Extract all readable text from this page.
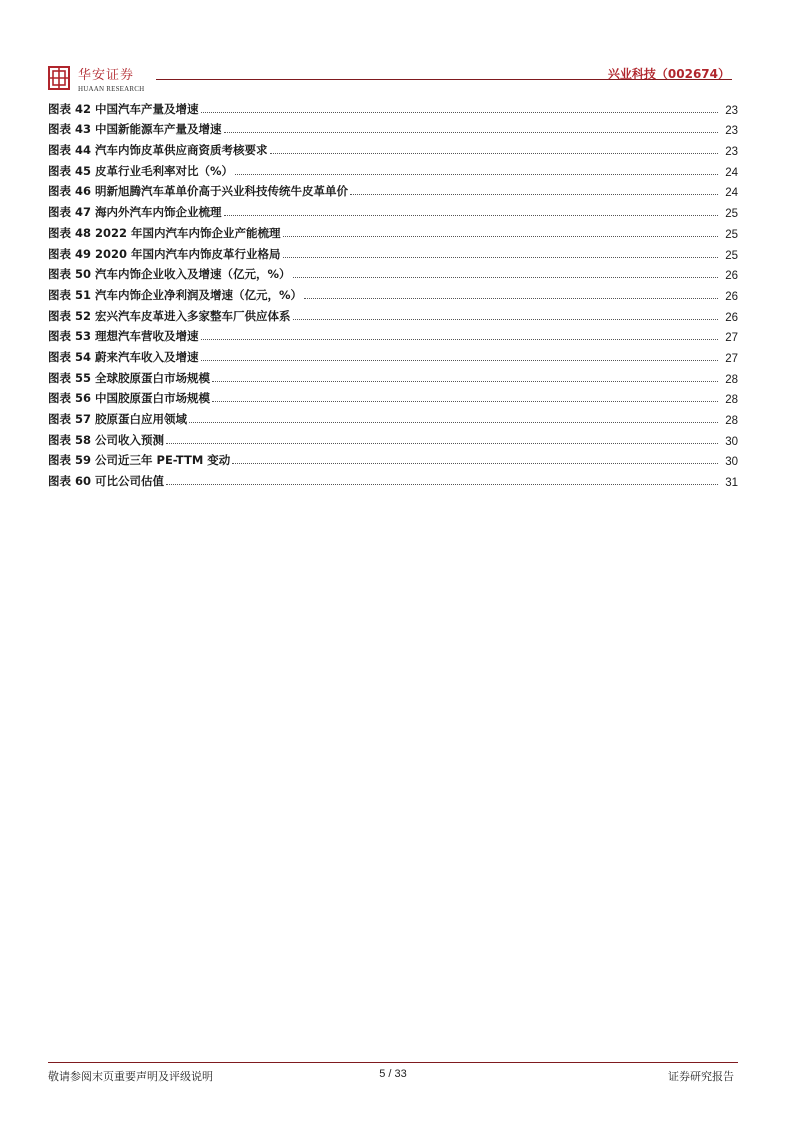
华安证券
HUAAN RESEARCH
兴业科技（002674）
图表 42 中国汽车产量及增速	23
图表 43 中国新能源车产量及增速	23
图表 44 汽车内饰皮革供应商资质考核要求	23
图表 45 皮革行业毛利率对比（%）	24
图表 46 明新旭腾汽车革单价高于兴业科技传统牛皮革单价	24
图表 47 海内外汽车内饰企业梳理	25
图表 48 2022 年国内汽车内饰企业产能梳理	25
图表 49 2020 年国内汽车内饰皮革行业格局	25
图表 50 汽车内饰企业收入及增速（亿元，%）	26
图表 51 汽车内饰企业净利润及增速（亿元，%）	26
图表 52 宏兴汽车皮革进入多家整车厂供应体系	26
图表 53 理想汽车营收及增速	27
图表 54 蔚来汽车收入及增速	27
图表 55 全球胶原蛋白市场规模	28
图表 56 中国胶原蛋白市场规模	28
图表 57 胶原蛋白应用领域	28
图表 58 公司收入预测	30
图表 59 公司近三年 PE-TTM 变动	30
图表 60 可比公司估值	31
敬请参阅末页重要声明及评级说明	5 / 33	证券研究报告
